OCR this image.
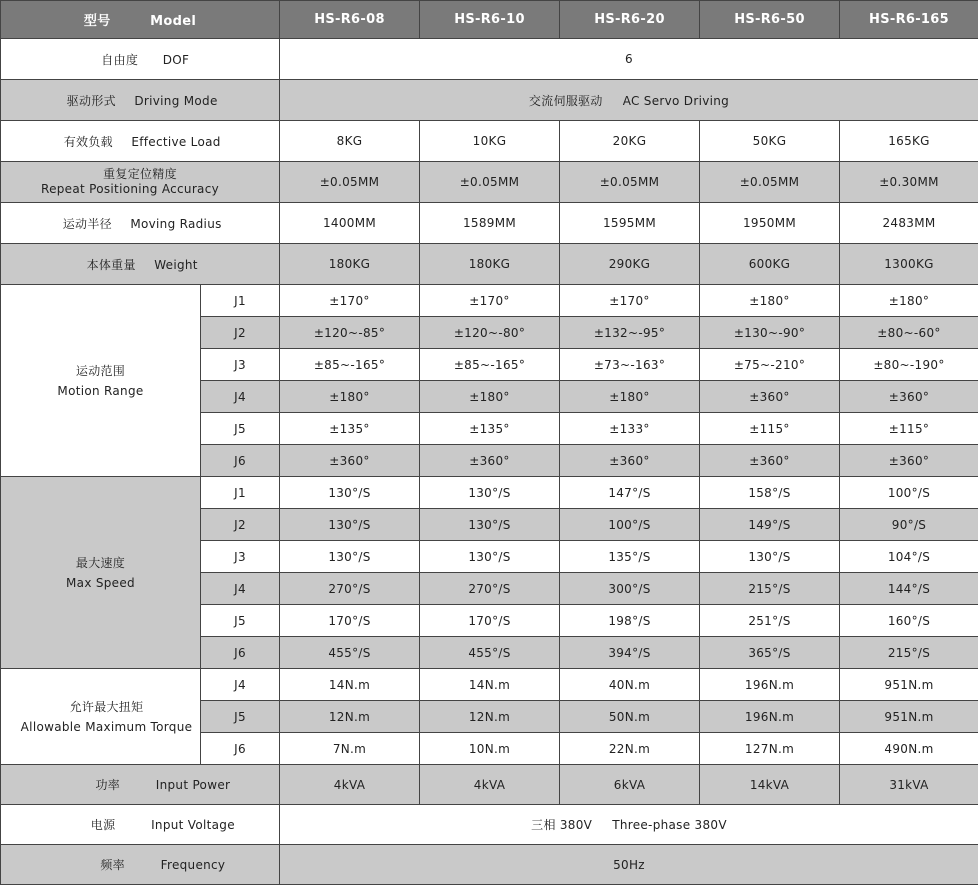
型号 Model		HS-R6-08	HS-R6-10	HS-R6-20	HS-R6-50	HS-R6-165
自由度 DOF		6				
驱动形式 Driving Mode		交流伺服驱动 AC Servo Driving				
有效负载 Effective Load		8KG	10KG	20KG	50KG	165KG

重复定位精度
Repeat Positioning Accuracy		±0.05MM	±0.05MM	±0.05MM	±0.05MM	±0.30MM
运动半径 Moving Radius		1400MM	1589MM	1595MM	1950MM	2483MM
本体重量 Weight		180KG	180KG	290KG	600KG	1300KG

运动范围
Motion Range	J1	±170°	±170°	±170°	±180°	±180°
	J2	±120~-85°	±120~-80°	±132~-95°	±130~-90°	±80~-60°
	J3	±85~-165°	±85~-165°	±73~-163°	±75~-210°	±80~-190°
	J4	±180°	±180°	±180°	±360°	±360°
	J5	±135°	±135°	±133°	±115°	±115°
	J6	±360°	±360°	±360°	±360°	±360°

最大速度
Max Speed	J1	130°/S	130°/S	147°/S	158°/S	100°/S
	J2	130°/S	130°/S	100°/S	149°/S	90°/S
	J3	130°/S	130°/S	135°/S	130°/S	104°/S
	J4	270°/S	270°/S	300°/S	215°/S	144°/S
	J5	170°/S	170°/S	198°/S	251°/S	160°/S
	J6	455°/S	455°/S	394°/S	365°/S	215°/S

允许最大扭矩
Allowable Maximum Torque	J4	14N.m	14N.m	40N.m	196N.m	951N.m
	J5	12N.m	12N.m	50N.m	196N.m	951N.m
	J6	7N.m	10N.m	22N.m	127N.m	490N.m
功率 Input Power		4kVA	4kVA	6kVA	14kVA	31kVA
电源 Input Voltage		三相 380V Three-phase 380V				
频率 Frequency		50Hz				
